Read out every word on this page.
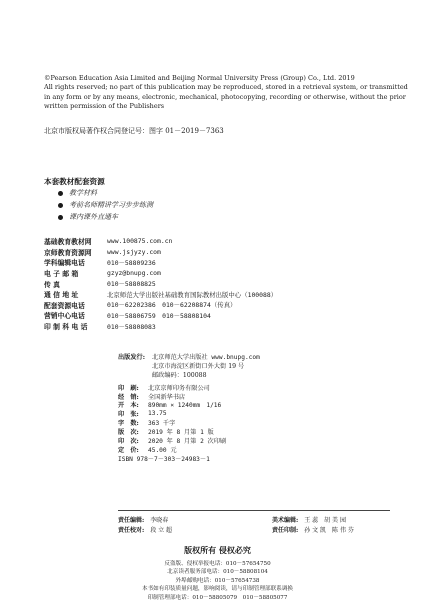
©Pearson Education Asia Limited and Beijing Normal University Press (Group) Co., Ltd. 2019
All rights reserved; no part of this publication may be reproduced, stored in a retrieval system, or transmitted
in any form or by any means, electronic, mechanical, photocopying, recording or otherwise, without the prior
written permission of the Publishers
北京市版权局著作权合同登记号：图字 01－2019－7363
本套教材配套资源
教学材料
考前名师精讲学习步步练测
课内课外直通车
基础教育教材网	www.100875.com.cn
京师教育资源网	www.jsjyzy.com
学科编辑电话	010－58809236
电 子 邮 箱	gzyz@bnupg.com
传 真	010－58808825
通 信 地 址	北京师范大学出版社基础教育国际教材出版中心（100088）
配套资源电话	010－62202386　010－62208874（传真）
营销中心电话	010－58806759　010－58808104
印 制 科 电 话	010－58808083
出版发行:	北京师范大学出版社 www.bnupg.com
北京市海淀区新街口外大街 19 号
邮政编码：100088
印　刷:	北京京师印务有限公司
经　销:	全国新华书店
开　本:	890mm × 1240mm　1/16
印　张:	13.75
字　数:	363 千字
版　次:	2019 年 8 月第 1 版
印　次:	2020 年 8 月第 2 次印刷
定　价:	45.00 元
ISBN 978－7－303－24983－1
责任编辑: 李晓春	美术编辑: 王 蕊　胡 美 园
责任校对: 段 立 超	责任印制: 孙 文 凯　陈 伟 芬
版权所有 侵权必究
反盗版、侵权举报电话：010－57654750
北京读者服务部电话：010－58808104
外埠邮购电话：010－57654738
本书如有印装质量问题，影响阅读，请与印制管理部联系调换
印制管理部电话：010－58805079　010－58805077
